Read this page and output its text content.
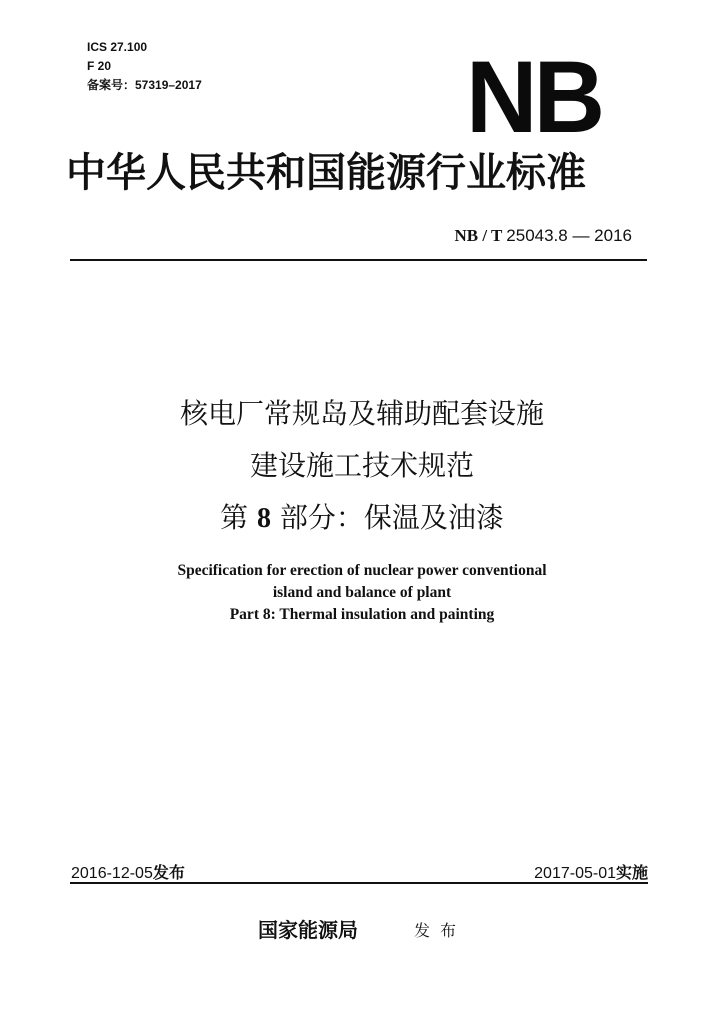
ICS 27.100
F 20
备案号：57319–2017	NB
中华人民共和国能源行业标准
NB / T 25043.8 — 2016
核电厂常规岛及辅助配套设施
建设施工技术规范
第 8 部分：保温及油漆
Specification for erection of nuclear power conventional
island and balance of plant
Part 8: Thermal insulation and painting
2016-12-05发布	2017-05-01实施
国家能源局	发布
